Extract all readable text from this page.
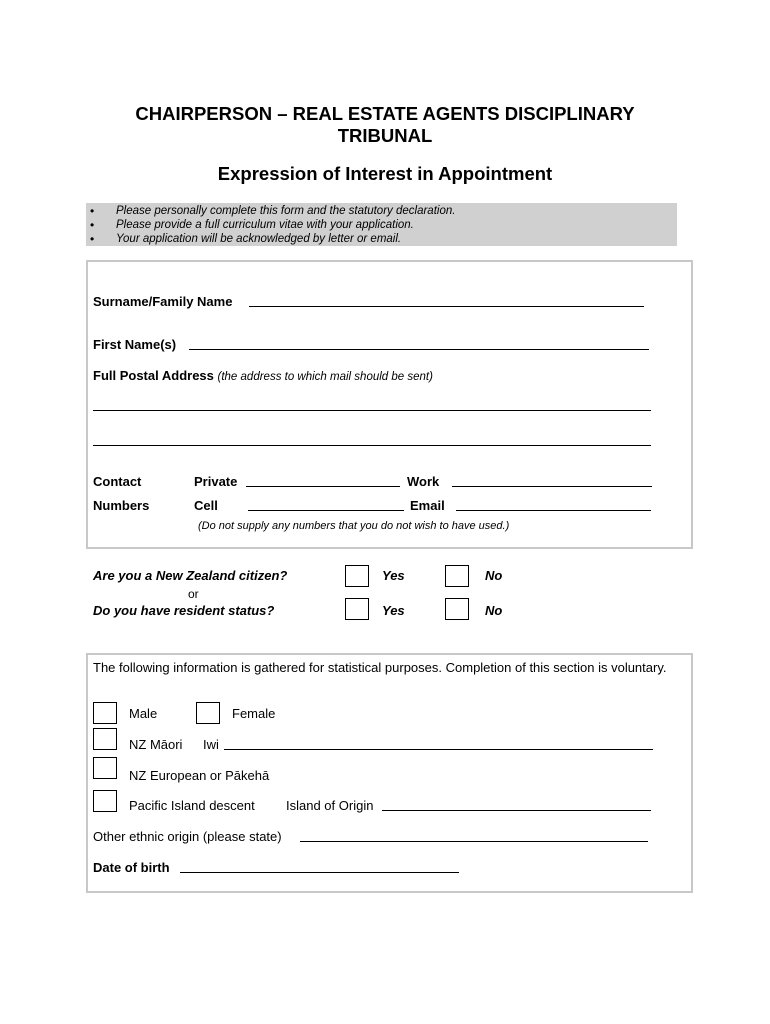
CHAIRPERSON – REAL ESTATE AGENTS DISCIPLINARY
TRIBUNAL
Expression of Interest in Appointment
• Please personally complete this form and the statutory declaration.
• Please provide a full curriculum vitae with your application.
• Your application will be acknowledged by letter or email.
Surname/Family Name
First Name(s)
Full Postal Address (the address to which mail should be sent)
Contact
Numbers
Private	Work
Cell	Email
(Do not supply any numbers that you do not wish to have used.)
Are you a New Zealand citizen?	Yes	No
or
Do you have resident status?	Yes	No
The following information is gathered for statistical purposes. Completion of this section is voluntary.
Male	Female
NZ Māori Iwi
NZ European or Pākehā
Pacific Island descent Island of Origin
Other ethnic origin (please state)
Date of birth
